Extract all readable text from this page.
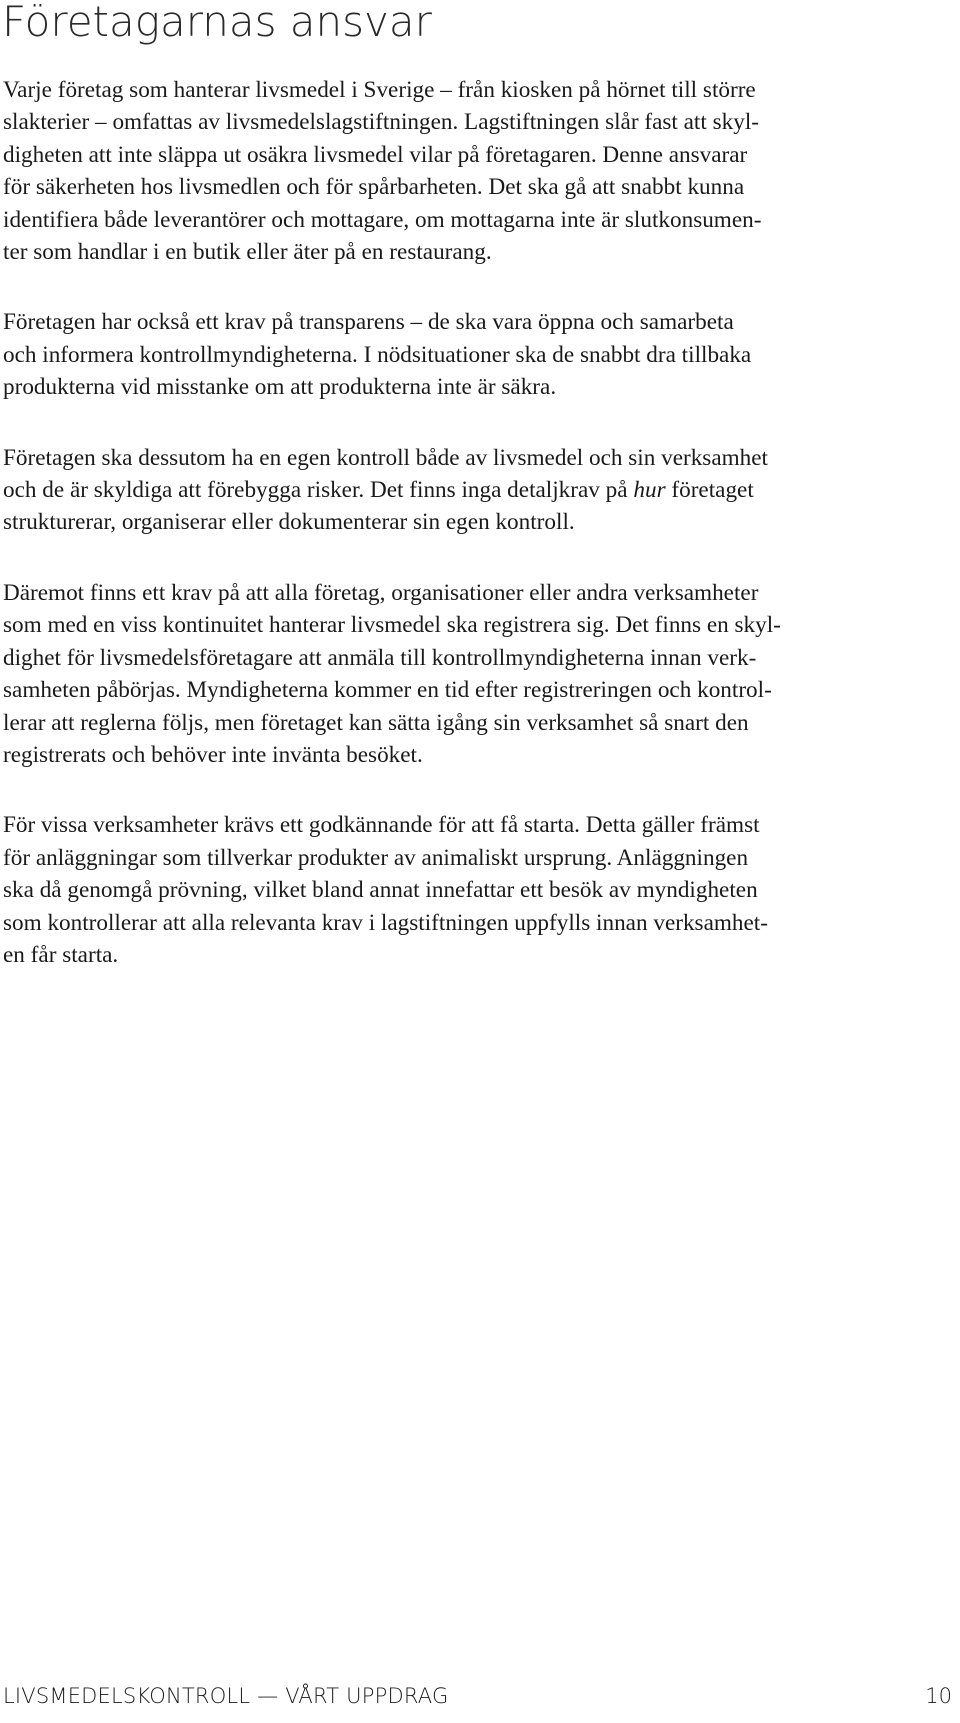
Företagarnas ansvar

Varje företag som hanterar livsmedel i Sverige – från kiosken på hörnet till större
slakterier – omfattas av livsmedelslagstiftningen. Lagstiftningen slår fast att skyl-
digheten att inte släppa ut osäkra livsmedel vilar på företagaren. Denne ansvarar
för säkerheten hos livsmedlen och för spårbarheten. Det ska gå att snabbt kunna
identifiera både leverantörer och mottagare, om mottagarna inte är slutkonsumen-
ter som handlar i en butik eller äter på en restaurang.

Företagen har också ett krav på transparens – de ska vara öppna och samarbeta
och informera kontrollmyndigheterna. I nödsituationer ska de snabbt dra tillbaka
produkterna vid misstanke om att produkterna inte är säkra.

Företagen ska dessutom ha en egen kontroll både av livsmedel och sin verksamhet
och de är skyldiga att förebygga risker. Det finns inga detaljkrav på hur företaget
strukturerar, organiserar eller dokumenterar sin egen kontroll.

Däremot finns ett krav på att alla företag, organisationer eller andra verksamheter
som med en viss kontinuitet hanterar livsmedel ska registrera sig. Det finns en skyl-
dighet för livsmedelsföretagare att anmäla till kontrollmyndigheterna innan verk-
samheten påbörjas. Myndigheterna kommer en tid efter registreringen och kontrol-
lerar att reglerna följs, men företaget kan sätta igång sin verksamhet så snart den
registrerats och behöver inte invänta besöket.

För vissa verksamheter krävs ett godkännande för att få starta. Detta gäller främst
för anläggningar som tillverkar produkter av animaliskt ursprung. Anläggningen
ska då genomgå prövning, vilket bland annat innefattar ett besök av myndigheten
som kontrollerar att alla relevanta krav i lagstiftningen uppfylls innan verksamhet-
en får starta.

LIVSMEDELSKONTROLL — VÅRT UPPDRAG	10
